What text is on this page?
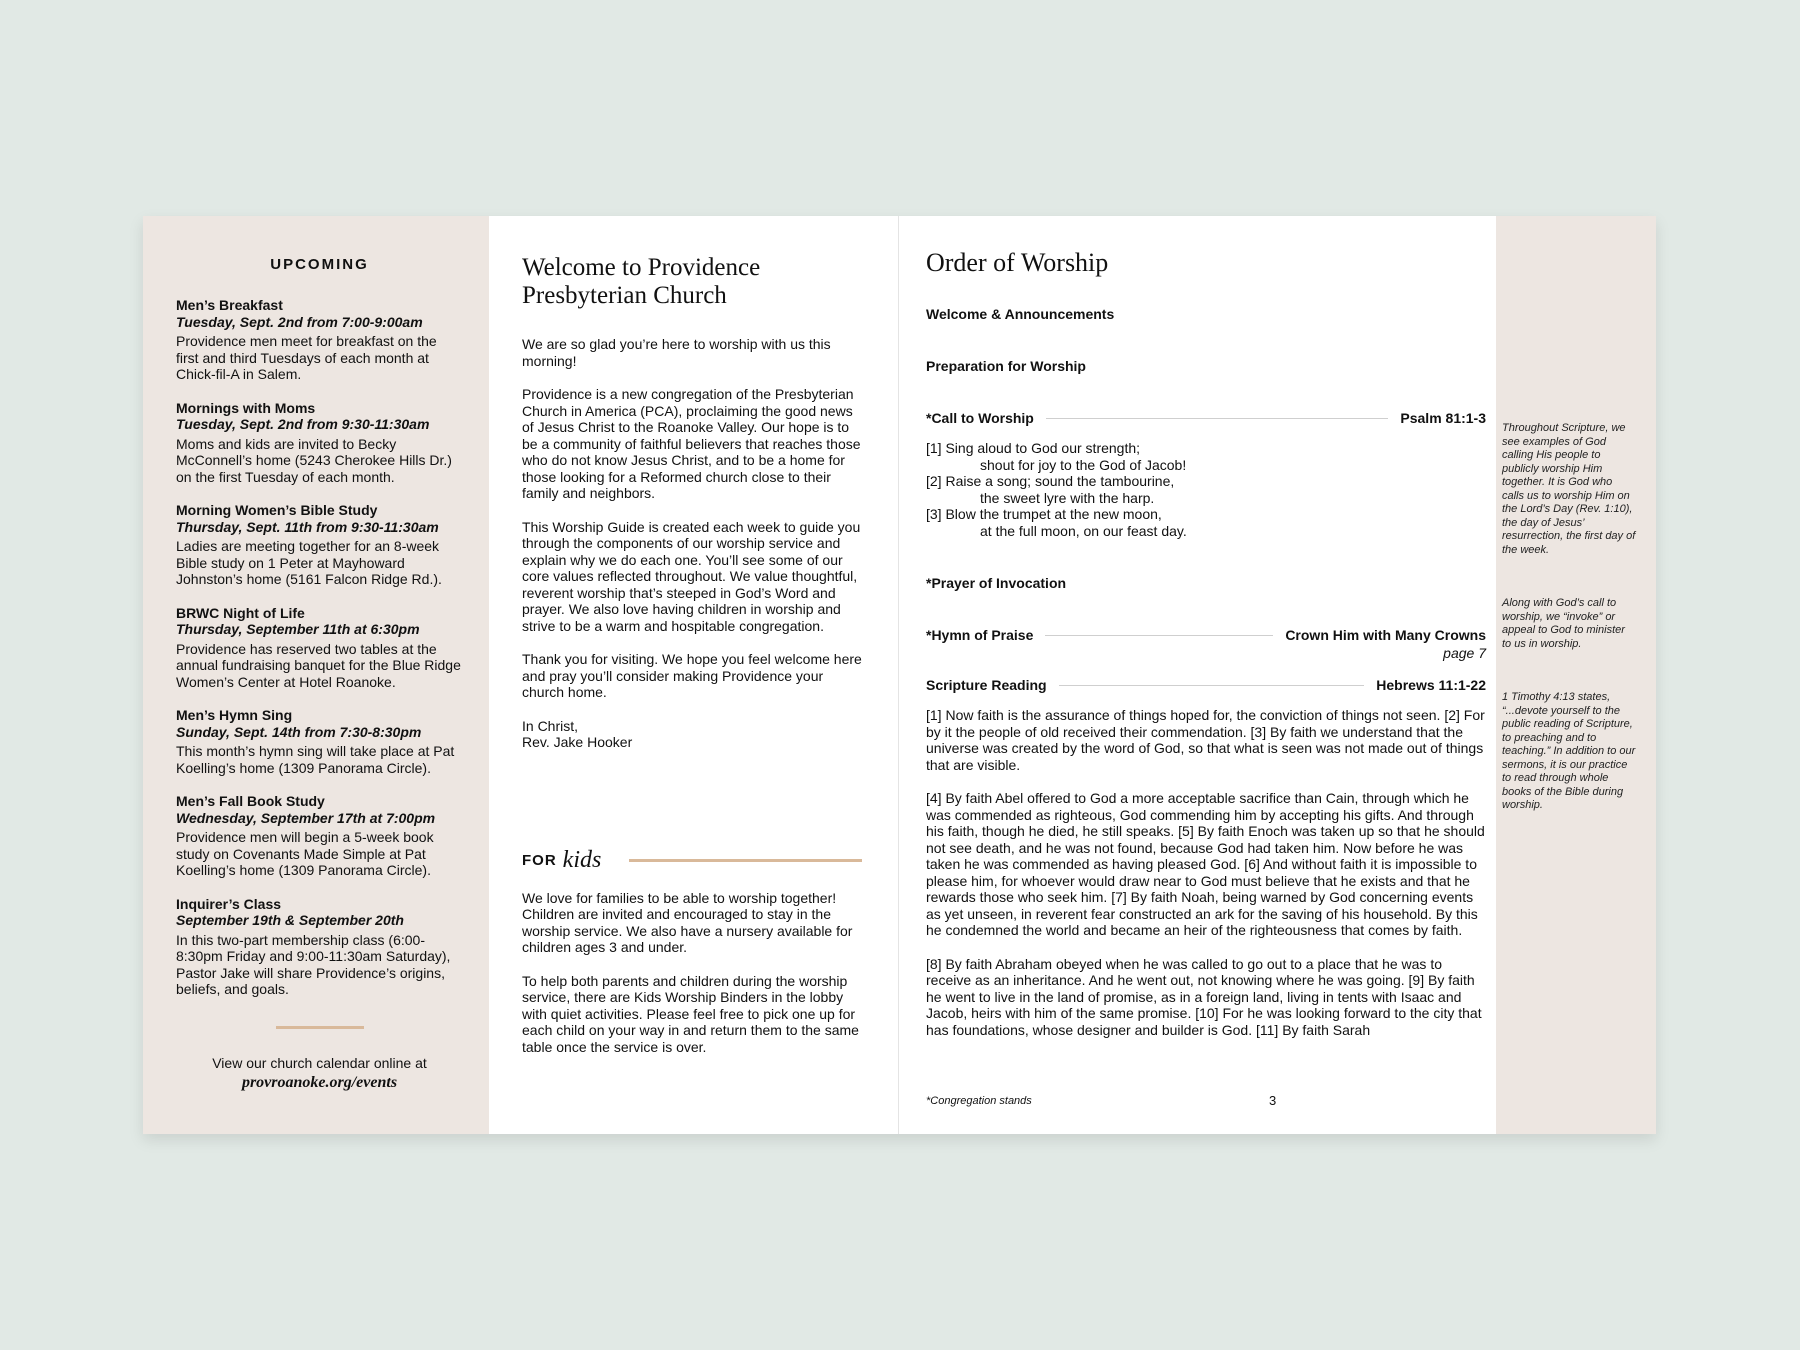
UPCOMING
Men’s Breakfast
Tuesday, Sept. 2nd from 7:00-9:00am
Providence men meet for breakfast on the first and third Tuesdays of each month at Chick-fil-A in Salem.
Mornings with Moms
Tuesday, Sept. 2nd from 9:30-11:30am
Moms and kids are invited to Becky McConnell’s home (5243 Cherokee Hills Dr.) on the first Tuesday of each month.
Morning Women’s Bible Study
Thursday, Sept. 11th from 9:30-11:30am
Ladies are meeting together for an 8-week Bible study on 1 Peter at Mayhoward Johnston’s home (5161 Falcon Ridge Rd.).
BRWC Night of Life
Thursday, September 11th at 6:30pm
Providence has reserved two tables at the annual fundraising banquet for the Blue Ridge Women’s Center at Hotel Roanoke.
Men’s Hymn Sing
Sunday, Sept. 14th from 7:30-8:30pm
This month’s hymn sing will take place at Pat Koelling’s home (1309 Panorama Circle).
Men’s Fall Book Study
Wednesday, September 17th at 7:00pm
Providence men will begin a 5-week book study on Covenants Made Simple at Pat Koelling’s home (1309 Panorama Circle).
Inquirer’s Class
September 19th & September 20th
In this two-part membership class (6:00-8:30pm Friday and 9:00-11:30am Saturday), Pastor Jake will share Providence’s origins, beliefs, and goals.
View our church calendar online at
provroanoke.org/events
Welcome to Providence Presbyterian Church

We are so glad you’re here to worship with us this morning!

Providence is a new congregation of the Presbyterian Church in America (PCA), proclaiming the good news of Jesus Christ to the Roanoke Valley. Our hope is to be a community of faithful believers that reaches those who do not know Jesus Christ, and to be a home for those looking for a Reformed church close to their family and neighbors.

This Worship Guide is created each week to guide you through the components of our worship service and explain why we do each one. You’ll see some of our core values reflected throughout. We value thoughtful, reverent worship that’s steeped in God’s Word and prayer. We also love having children in worship and strive to be a warm and hospitable congregation.

Thank you for visiting. We hope you feel welcome here and pray you’ll consider making Providence your church home.

In Christ,
Rev. Jake Hooker
FOR kids

We love for families to be able to worship together! Children are invited and encouraged to stay in the worship service. We also have a nursery available for children ages 3 and under.

To help both parents and children during the worship service, there are Kids Worship Binders in the lobby with quiet activities. Please feel free to pick one up for each child on your way in and return them to the same table once the service is over.

Order of Worship
Welcome & Announcements
Preparation for Worship
*Call to Worship	Psalm 81:1-3
[1] Sing aloud to God our strength;
shout for joy to the God of Jacob!
[2] Raise a song; sound the tambourine,
the sweet lyre with the harp.
[3] Blow the trumpet at the new moon,
at the full moon, on our feast day.
*Prayer of Invocation
*Hymn of Praise	Crown Him with Many Crowns
page 7
Scripture Reading	Hebrews 11:1-22

[1] Now faith is the assurance of things hoped for, the conviction of things not seen. [2] For by it the people of old received their commendation. [3] By faith we understand that the universe was created by the word of God, so that what is seen was not made out of things that are visible.

[4] By faith Abel offered to God a more acceptable sacrifice than Cain, through which he was commended as righteous, God commending him by accepting his gifts. And through his faith, though he died, he still speaks. [5] By faith Enoch was taken up so that he should not see death, and he was not found, because God had taken him. Now before he was taken he was commended as having pleased God. [6] And without faith it is impossible to please him, for whoever would draw near to God must believe that he exists and that he rewards those who seek him. [7] By faith Noah, being warned by God concerning events as yet unseen, in reverent fear constructed an ark for the saving of his household. By this he condemned the world and became an heir of the righteousness that comes by faith.

[8] By faith Abraham obeyed when he was called to go out to a place that he was to receive as an inheritance. And he went out, not knowing where he was going. [9] By faith he went to live in the land of promise, as in a foreign land, living in tents with Isaac and Jacob, heirs with him of the same promise. [10] For he was looking forward to the city that has foundations, whose designer and builder is God. [11] By faith Sarah

*Congregation stands	3
Throughout Scripture, we see examples of God calling His people to publicly worship Him together. It is God who calls us to worship Him on the Lord’s Day (Rev. 1:10), the day of Jesus’ resurrection, the first day of the week.
Along with God’s call to worship, we “invoke” or appeal to God to minister to us in worship.
1 Timothy 4:13 states, “...devote yourself to the public reading of Scripture, to preaching and to teaching.” In addition to our sermons, it is our practice to read through whole books of the Bible during worship.
